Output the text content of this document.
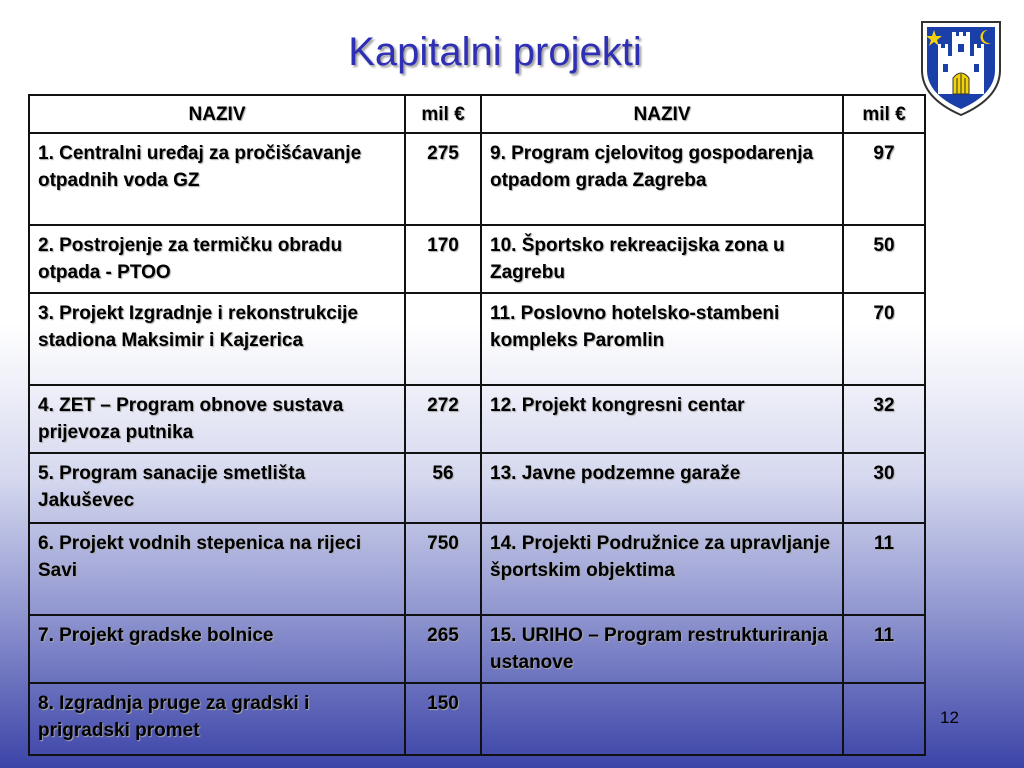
Kapitalni projekti
NAZIV	mil €	NAZIV	mil €
1. Centralni uređaj za pročišćavanje otpadnih voda GZ	275	9. Program cjelovitog gospodarenja otpadom grada Zagreba	97
2. Postrojenje za termičku obradu otpada - PTOO	170	10. Športsko rekreacijska zona u Zagrebu	50
3. Projekt Izgradnje i rekonstrukcije stadiona Maksimir i Kajzerica		11. Poslovno hotelsko-stambeni kompleks Paromlin	70
4. ZET – Program obnove sustava prijevoza putnika	272	12. Projekt kongresni centar	32
5. Program sanacije smetlišta Jakuševec	56	13. Javne podzemne garaže	30
6. Projekt vodnih stepenica na rijeci Savi	750	14. Projekti Podružnice za upravljanje športskim objektima	11
7. Projekt gradske bolnice	265	15. URIHO – Program restrukturiranja ustanove	11
8. Izgradnja pruge za gradski i prigradski promet	150		
12
